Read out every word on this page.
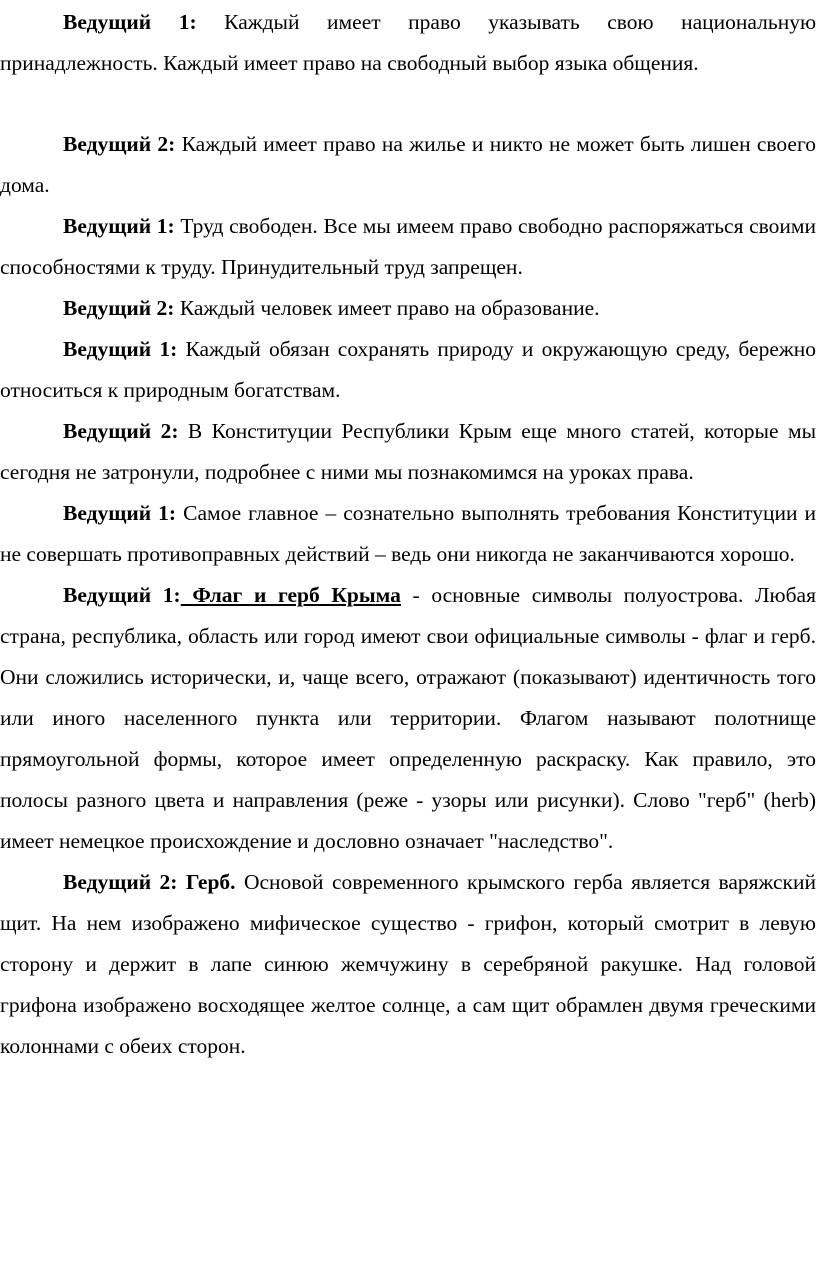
Ведущий 1: Каждый имеет право указывать свою национальную принадлежность. Каждый имеет право на свободный выбор языка общения.

Ведущий 2: Каждый имеет право на жилье и никто не может быть лишен своего дома.

Ведущий 1: Труд свободен. Все мы имеем право свободно распоряжаться своими способностями к труду. Принудительный труд запрещен.

Ведущий 2: Каждый человек имеет право на образование.

Ведущий 1: Каждый обязан сохранять природу и окружающую среду, бережно относиться к природным богатствам.

Ведущий 2: В Конституции Республики Крым еще много статей, которые мы сегодня не затронули, подробнее с ними мы познакомимся на уроках права.

Ведущий 1: Самое главное – сознательно выполнять требования Конституции и не совершать противоправных действий – ведь они никогда не заканчиваются хорошо.

Ведущий 1: Флаг и герб Крыма - основные символы полуострова. Любая страна, республика, область или город имеют свои официальные символы - флаг и герб. Они сложились исторически, и, чаще всего, отражают (показывают) идентичность того или иного населенного пункта или территории. Флагом называют полотнище прямоугольной формы, которое имеет определенную раскраску. Как правило, это полосы разного цвета и направления (реже - узоры или рисунки). Слово "герб" (herb) имеет немецкое происхождение и дословно означает "наследство".

Ведущий 2: Герб. Основой современного крымского герба является варяжский щит. На нем изображено мифическое существо - грифон, который смотрит в левую сторону и держит в лапе синюю жемчужину в серебряной ракушке. Над головой грифона изображено восходящее желтое солнце, а сам щит обрамлен двумя греческими колоннами с обеих сторон.
